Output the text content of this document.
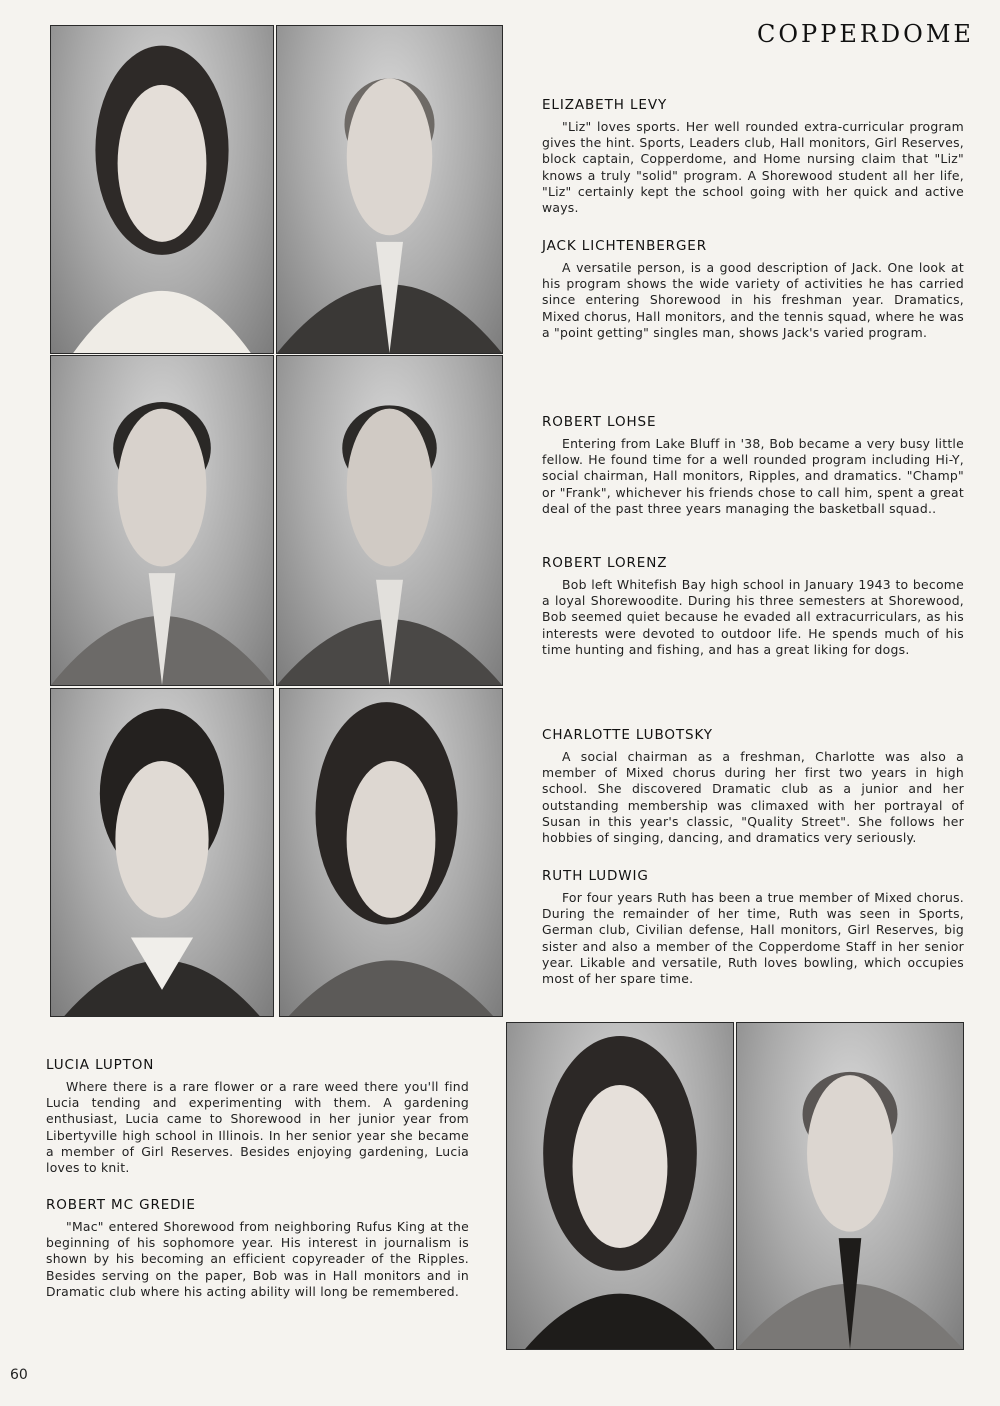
COPPERDOME
ELIZABETH LEVY

"Liz" loves sports. Her well rounded extra-curricular program gives the hint. Sports, Leaders club, Hall monitors, Girl Reserves, block captain, Copperdome, and Home nursing claim that "Liz" knows a truly "solid" program. A Shorewood student all her life, "Liz" certainly kept the school going with her quick and active ways.

JACK LICHTENBERGER

A versatile person, is a good description of Jack. One look at his program shows the wide variety of activities he has carried since entering Shorewood in his freshman year. Dramatics, Mixed chorus, Hall monitors, and the tennis squad, where he was a "point getting" singles man, shows Jack's varied program.

ROBERT LOHSE

Entering from Lake Bluff in '38, Bob became a very busy little fellow. He found time for a well rounded program including Hi-Y, social chairman, Hall monitors, Ripples, and dramatics. "Champ" or "Frank", whichever his friends chose to call him, spent a great deal of the past three years managing the basketball squad..

ROBERT LORENZ

Bob left Whitefish Bay high school in January 1943 to become a loyal Shorewoodite. During his three semesters at Shorewood, Bob seemed quiet because he evaded all extracurriculars, as his interests were devoted to outdoor life. He spends much of his time hunting and fishing, and has a great liking for dogs.

CHARLOTTE LUBOTSKY

A social chairman as a freshman, Charlotte was also a member of Mixed chorus during her first two years in high school. She discovered Dramatic club as a junior and her outstanding membership was climaxed with her portrayal of Susan in this year's classic, "Quality Street". She follows her hobbies of singing, dancing, and dramatics very seriously.

RUTH LUDWIG

For four years Ruth has been a true member of Mixed chorus. During the remainder of her time, Ruth was seen in Sports, German club, Civilian defense, Hall monitors, Girl Reserves, big sister and also a member of the Copperdome Staff in her senior year. Likable and versatile, Ruth loves bowling, which occupies most of her spare time.

LUCIA LUPTON

Where there is a rare flower or a rare weed there you'll find Lucia tending and experimenting with them. A gardening enthusiast, Lucia came to Shorewood in her junior year from Libertyville high school in Illinois. In her senior year she became a member of Girl Reserves. Besides enjoying gardening, Lucia loves to knit.

ROBERT MC GREDIE

"Mac" entered Shorewood from neighboring Rufus King at the beginning of his sophomore year. His interest in journalism is shown by his becoming an efficient copyreader of the Ripples. Besides serving on the paper, Bob was in Hall monitors and in Dramatic club where his acting ability will long be remembered.

60
